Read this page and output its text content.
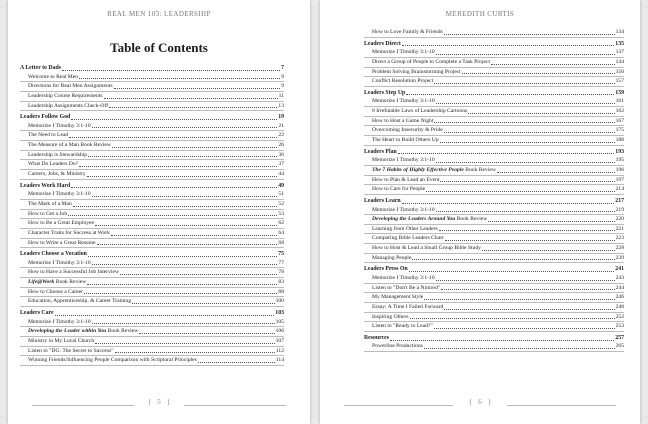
REAL MEN 103: LEADERSHIP
Table of Contents
A Letter to Dads	7
Welcome to Real Men	9
Directions for Real Men Assignments	9
Leadership Course Requirements	11
Leadership Assignments Check-Off	13
Leaders Follow God	19
Memorize I Timothy 3:1-10	21
The Need to Lead	22
The Measure of a Man Book Review	26
Leadership is Stewardship	36
What Do Leaders Do?	37
Careers, Jobs, & Ministry	44
Leaders Work Hard	49
Memorize I Timothy 3:1-10	51
The Mark of a Man	52
How to Get a Job	53
How to Be a Great Employee	62
Character Traits for Success at Work	64
How to Write a Great Resume	68
Leaders Choose a Vocation	75
Memorize I Timothy 3:1-10	77
How to Have a Successful Job Interview	78
Life@Work Book Review	83
How to Choose a Career	88
Education, Apprenticeship, & Career Training	100
Leaders Care	103
Memorize I Timothy 3:1-10	105
Developing the Leader within You Book Review	106
Ministry in My Local Church	107
Listen to "DG: The Secret to Success"	112
Winning Friends/Influencing People Comparison with Scriptural Principles	114
{ 5 }
MEREDITH CURTIS
How to Love Family & Friends	134
Leaders Direct	135
Memorize I Timothy 3:1-10	137
Direct a Group of People to Complete a Task Project	144
Problem Solving Brainstorming Project	150
Conflict Resolution Project	157
Leaders Step Up	159
Memorize I Timothy 3:1-10	161
8 Irrefutable Laws of Leadership Cartoons	162
How to Host a Game Night	167
Overcoming Insecurity & Pride	175
The Heart to Build Others Up	188
Leaders Plan	193
Memorize I Timothy 3:1-10	195
The 7 Habits of Highly Effective People Book Review	196
How to Plan & Lead an Event	197
How to Care for People	214
Leaders Learn	217
Memorize I Timothy 3:1-10	219
Developing the Leaders Around You Book Review	220
Learning from Other Leaders	221
Comparing Bible Leaders Chart	223
How to Host & Lead a Small Group Bible Study	228
Managing People	239
Leaders Press On	241
Memorize I Timothy 3:1-10	243
Listen to "Don't Be a Nimrod"	244
My Management Style	246
Essay: A Time I Failed Forward	248
Inspiring Others	252
Listen to "Ready to Lead?"	253
Resources	257
Powerline Productions	265
{ 6 }
